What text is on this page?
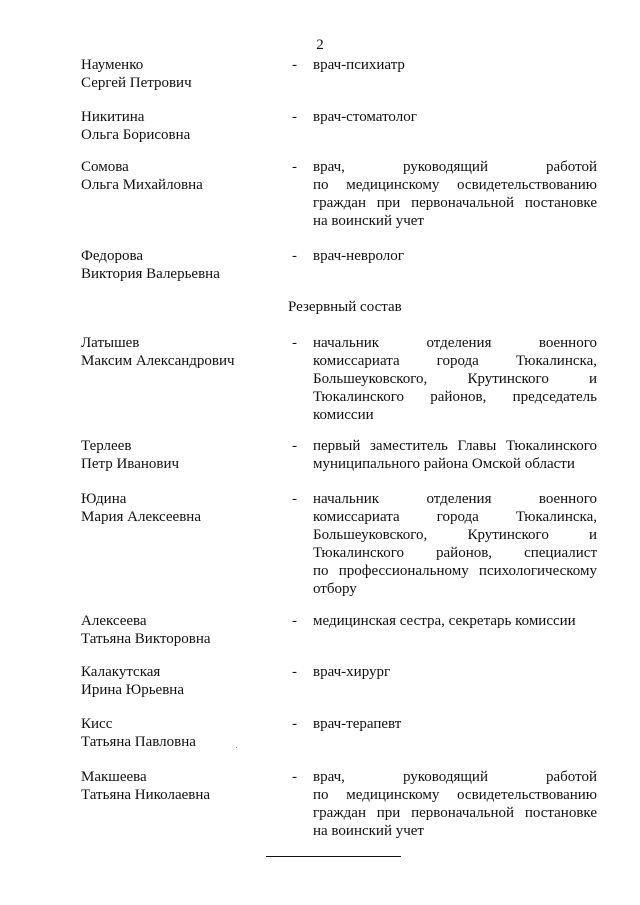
2
Резервный состав
Науменко
Сергей Петрович
- врач-психиатр
Никитина
Ольга Борисовна
- врач-стоматолог
Сомова
Ольга Михайловна
- врач, руководящий работой
по медицинскому освидетельствованию
граждан при первоначальной постановке
на воинский учет
Федорова
Виктория Валерьевна
- врач-невролог
Латышев
Максим Александрович
- начальник отделения военного
комиссариата города Тюкалинска,
Большеуковского, Крутинского и
Тюкалинского районов, председатель
комиссии
Терлеев
Петр Иванович
- первый заместитель Главы Тюкалинского
муниципального района Омской области
Юдина
Мария Алексеевна
- начальник отделения военного
комиссариата города Тюкалинска,
Большеуковского, Крутинского и
Тюкалинского районов, специалист
по профессиональному психологическому
отбору
Алексеева
Татьяна Викторовна
- медицинская сестра, секретарь комиссии
Калакутская
Ирина Юрьевна
- врач-хирург
Кисс
Татьяна Павловна
- врач-терапевт
Макшеева
Татьяна Николаевна
- врач, руководящий работой
по медицинскому освидетельствованию
граждан при первоначальной постановке
на воинский учет
